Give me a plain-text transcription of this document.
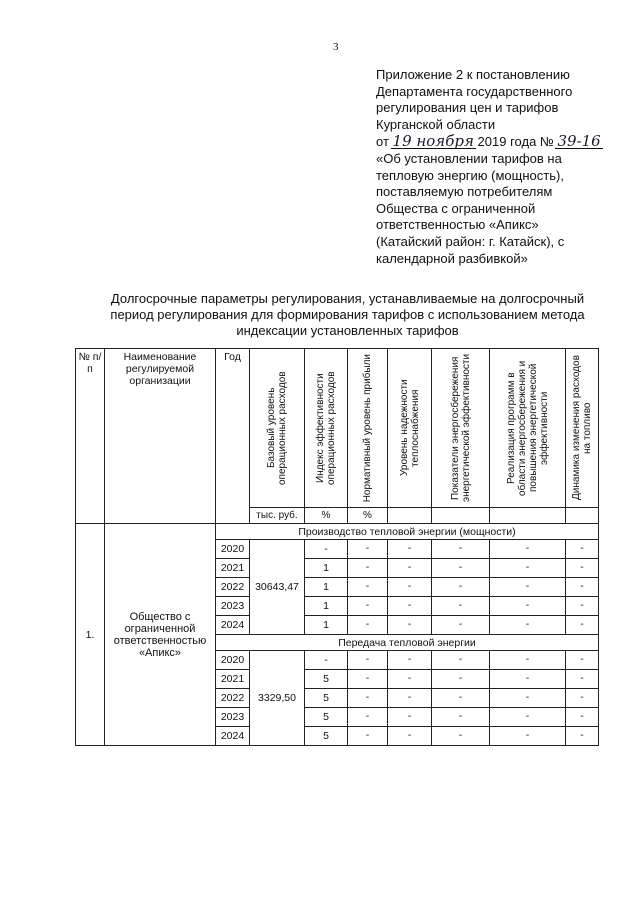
3
Приложение 2 к постановлению
Департамента государственного
регулирования цен и тарифов
Курганской области
от 19 ноября 2019 года № 39-16
«Об установлении тарифов на
тепловую энергию (мощность),
поставляемую потребителям
Общества с ограниченной
ответственностью «Апикс»
(Катайский район: г. Катайск), с
календарной разбивкой»
Долгосрочные параметры регулирования, устанавливаемые на долгосрочный
период регулирования для формирования тарифов с использованием метода
индексации установленных тарифов
№ п/п	Наименование регулируемой организации	Год	Базовый уровень операционных расходов	Индекс эффективности операционных расходов	Нормативный уровень прибыли	Уровень надежности теплоснабжения	Показатели энергосбережения энергетической эффективности	Реализация программ в области энергосбережения и повышения энергетической эффективности	Динамика изменения расходов на топливо

			тыс. руб.	%	%				
1.	Общество с ограниченной ответственностью «Апикс»	Производство тепловой энергии (мощности)							
		2020	30643,47	-	-	-	-	-	-
		2021		1	-	-	-	-	-
		2022		1	-	-	-	-	-
		2023		1	-	-	-	-	-
		2024		1	-	-	-	-	-
		Передача тепловой энергии							
		2020	3329,50	-	-	-	-	-	-
		2021		5	-	-	-	-	-
		2022		5	-	-	-	-	-
		2023		5	-	-	-	-	-
		2024		5	-	-	-	-	-
